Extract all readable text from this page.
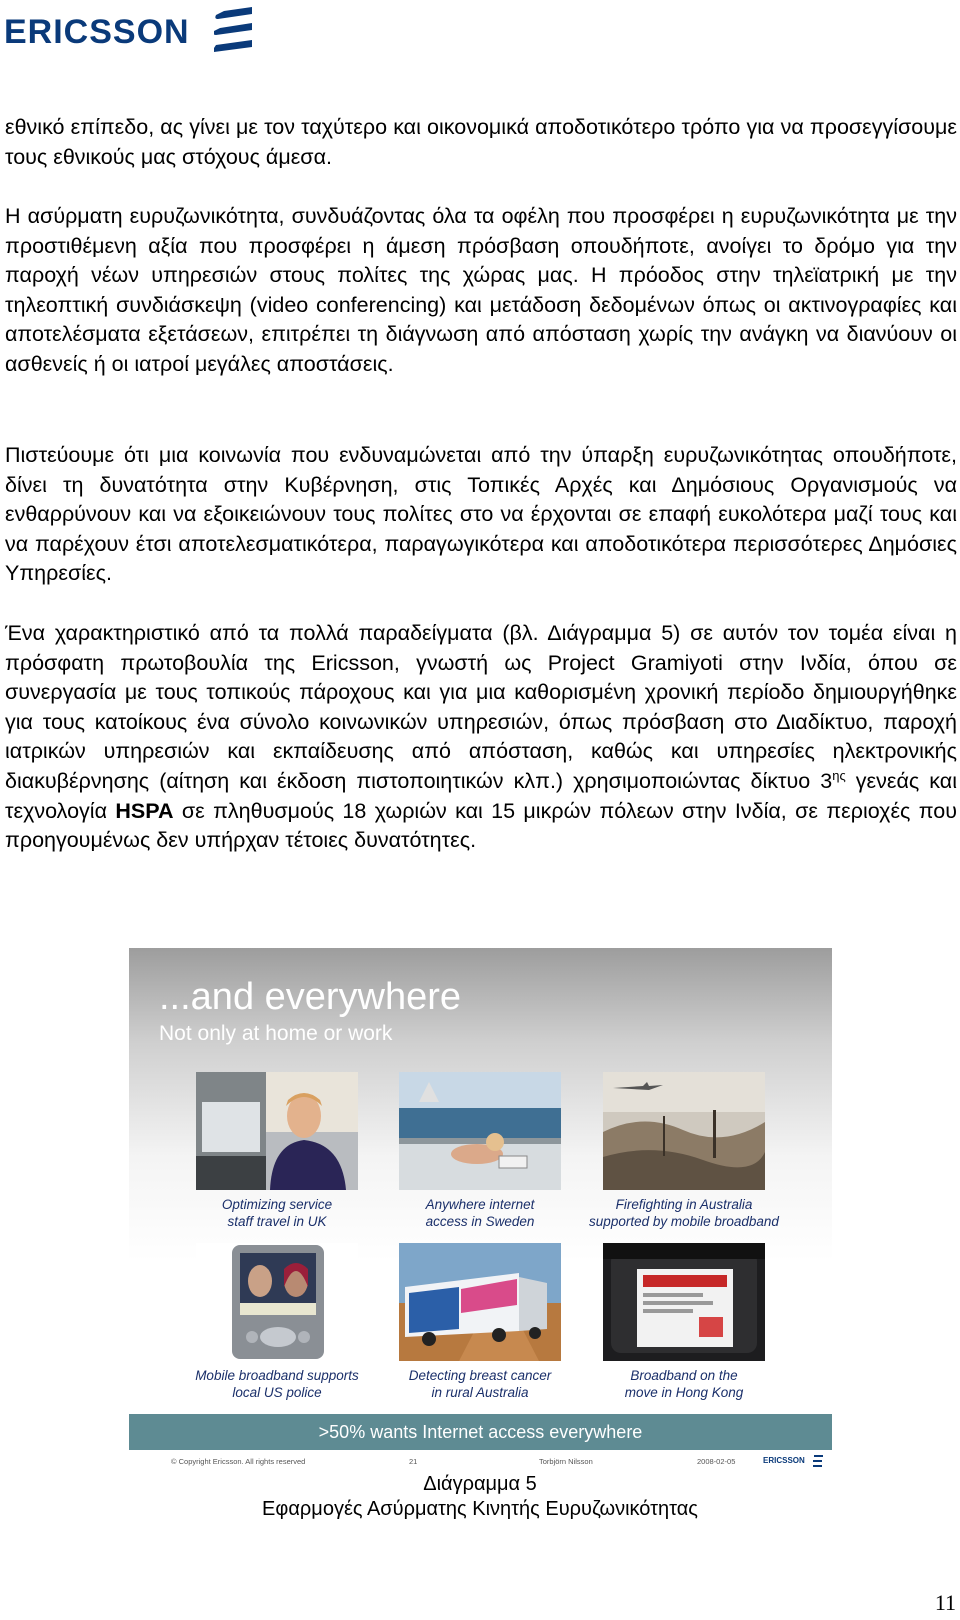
ERICSSON

εθνικό επίπεδο, ας γίνει με τον ταχύτερο και οικονομικά αποδοτικότερο τρόπο για να προσεγγίσουμε τους εθνικούς μας στόχους άμεσα.

Η ασύρματη ευρυζωνικότητα, συνδυάζοντας όλα τα οφέλη που προσφέρει η ευρυζωνικότητα με την προστιθέμενη αξία που προσφέρει η άμεση πρόσβαση οπουδήποτε, ανοίγει το δρόμο για την παροχή νέων υπηρεσιών στους πολίτες της χώρας μας. Η πρόοδος στην τηλεϊατρική με την τηλεοπτική συνδιάσκεψη (video conferencing) και μετάδοση δεδομένων όπως οι ακτινογραφίες και αποτελέσματα εξετάσεων, επιτρέπει τη διάγνωση από απόσταση χωρίς την ανάγκη να διανύουν οι ασθενείς ή οι ιατροί μεγάλες αποστάσεις.

Πιστεύουμε ότι μια κοινωνία που ενδυναμώνεται από την ύπαρξη ευρυζωνικότητας οπουδήποτε, δίνει τη δυνατότητα στην Κυβέρνηση, στις Τοπικές Αρχές και Δημόσιους Οργανισμούς να ενθαρρύνουν και να εξοικειώνουν τους πολίτες στο να έρχονται σε επαφή ευκολότερα μαζί τους και να παρέχουν έτσι αποτελεσματικότερα, παραγωγικότερα και αποδοτικότερα περισσότερες Δημόσιες Υπηρεσίες.

Ένα χαρακτηριστικό από τα πολλά παραδείγματα (βλ. Διάγραμμα 5) σε αυτόν τον τομέα είναι η πρόσφατη πρωτοβουλία της Ericsson, γνωστή ως Project Gramiyoti στην Ινδία, όπου σε συνεργασία με τους τοπικούς πάροχους και για μια καθορισμένη χρονική περίοδο δημιουργήθηκε για τους κατοίκους ένα σύνολο κοινωνικών υπηρεσιών, όπως πρόσβαση στο Διαδίκτυο, παροχή ιατρικών υπηρεσιών και εκπαίδευσης από απόσταση, καθώς και υπηρεσίες ηλεκτρονικής διακυβέρνησης (αίτηση και έκδοση πιστοποιητικών κλπ.) χρησιμοποιώντας δίκτυο $3^{\eta\varsigma}$ γενεάς και τεχνολογία HSPA σε πληθυσμούς 18 χωριών και 15 μικρών πόλεων στην Ινδία, σε περιοχές που προηγουμένως δεν υπήρχαν τέτοιες δυνατότητες.

...and everywhere
Not only at home or work
Optimizing service
staff travel in UK
Anywhere internet
access in Sweden
Firefighting in Australia
supported by mobile broadband
Mobile broadband supports
local US police
Detecting breast cancer
in rural Australia
Broadband on the
move in Hong Kong
>50% wants Internet access everywhere
© Copyright Ericsson. All rights reserved	21	Torbjörn Nilsson	2008-02-05	ERICSSON
Διάγραμμα 5
Εφαρμογές Ασύρματης Κινητής Ευρυζωνικότητας
11
